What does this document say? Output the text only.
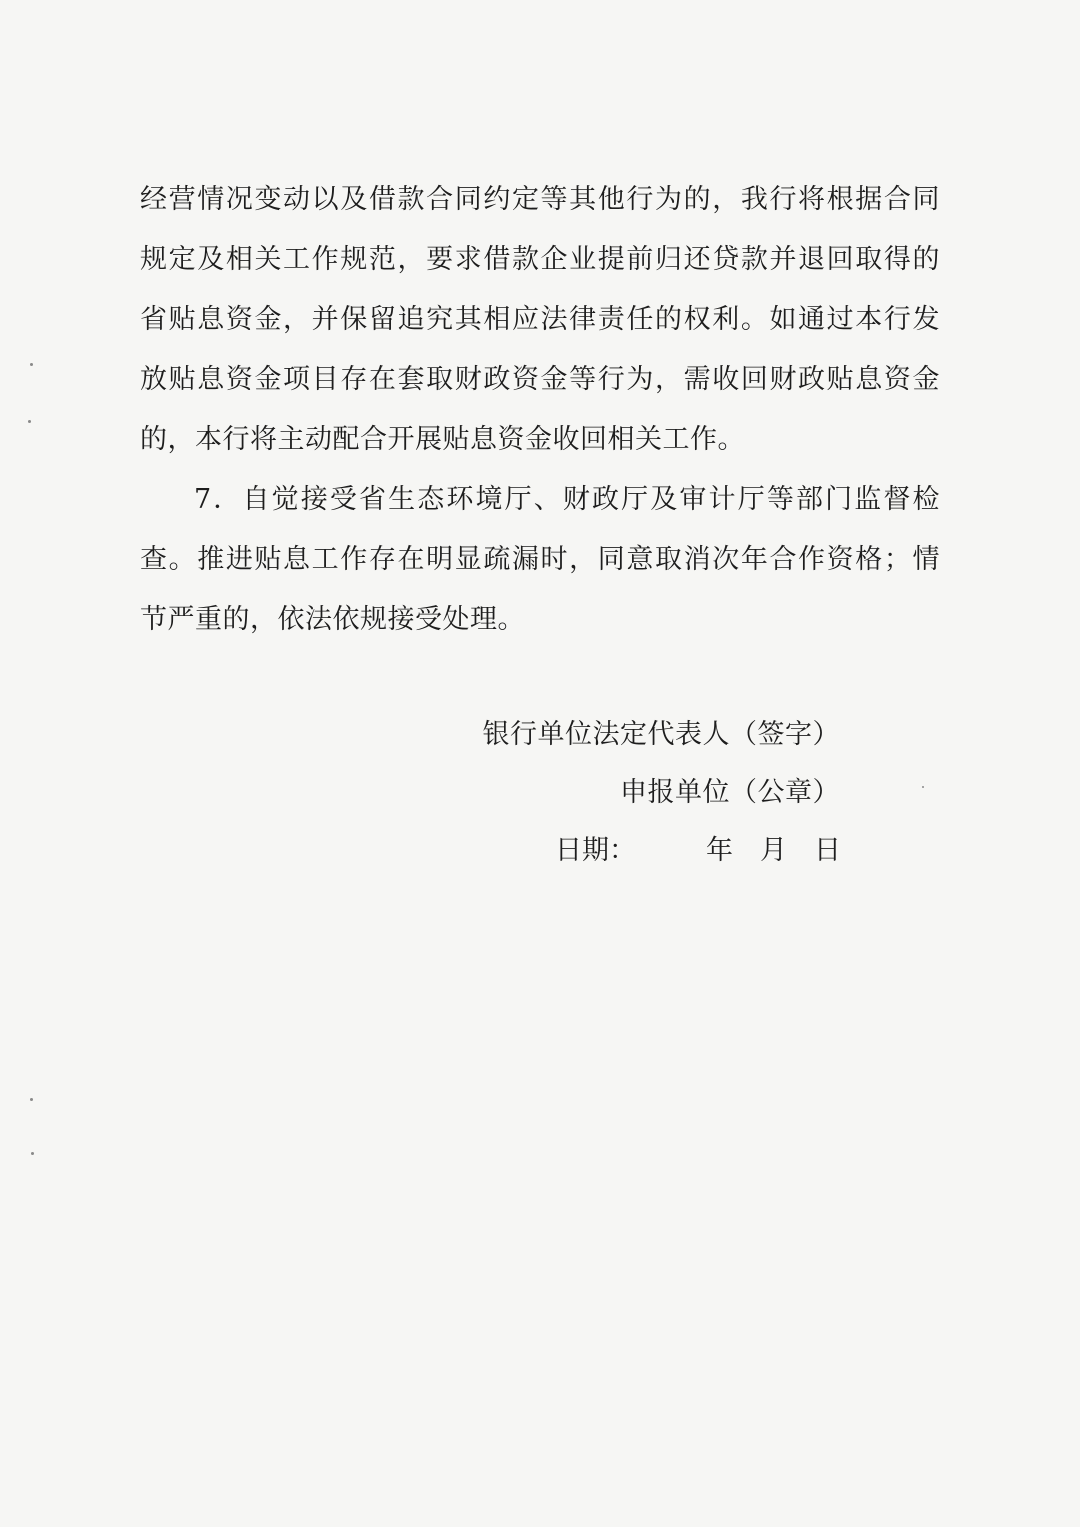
经营情况变动以及借款合同约定等其他行为的，我行将根据合同
规定及相关工作规范，要求借款企业提前归还贷款并退回取得的
省贴息资金，并保留追究其相应法律责任的权利。如通过本行发
放贴息资金项目存在套取财政资金等行为，需收回财政贴息资金
的，本行将主动配合开展贴息资金收回相关工作。
7．自觉接受省生态环境厅、财政厅及审计厅等部门监督检
查。推进贴息工作存在明显疏漏时，同意取消次年合作资格；情
节严重的，依法依规接受处理。
银行单位法定代表人（签字）
申报单位（公章）
日期：	年 月 日
